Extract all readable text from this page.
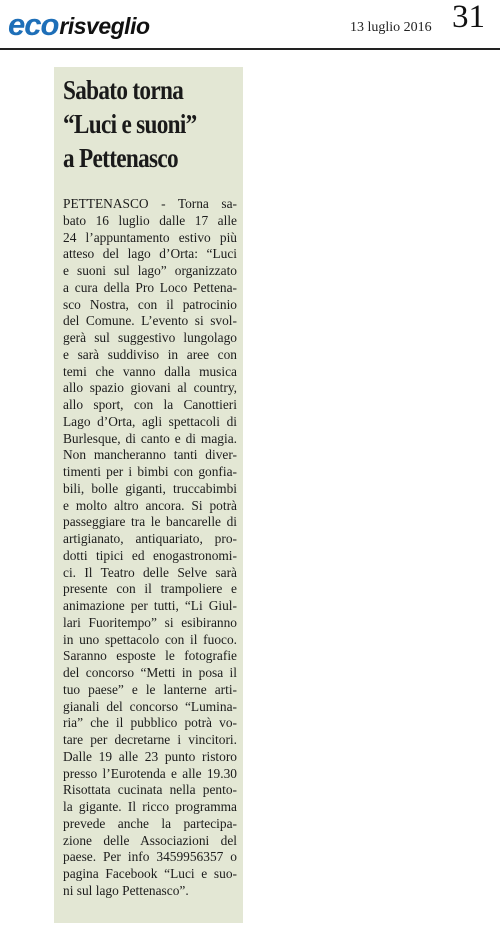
eco risveglio	13 luglio 2016 31
Sabato torna
“Luci e suoni”
a Pettenasco
PETTENASCO - Torna sa-
bato 16 luglio dalle 17 alle
24 l’appuntamento estivo più
atteso del lago d’Orta: “Luci
e suoni sul lago” organizzato
a cura della Pro Loco Pettena-
sco Nostra, con il patrocinio
del Comune. L’evento si svol-
gerà sul suggestivo lungolago
e sarà suddiviso in aree con
temi che vanno dalla musica
allo spazio giovani al country,
allo sport, con la Canottieri
Lago d’Orta, agli spettacoli di
Burlesque, di canto e di magia.
Non mancheranno tanti diver-
timenti per i bimbi con gonfia-
bili, bolle giganti, truccabimbi
e molto altro ancora. Si potrà
passeggiare tra le bancarelle di
artigianato, antiquariato, pro-
dotti tipici ed enogastronomi-
ci. Il Teatro delle Selve sarà
presente con il trampoliere e
animazione per tutti, “Li Giul-
lari Fuoritempo” si esibiranno
in uno spettacolo con il fuoco.
Saranno esposte le fotografie
del concorso “Metti in posa il
tuo paese” e le lanterne arti-
gianali del concorso “Lumina-
ria” che il pubblico potrà vo-
tare per decretarne i vincitori.
Dalle 19 alle 23 punto ristoro
presso l’Eurotenda e alle 19.30
Risottata cucinata nella pento-
la gigante. Il ricco programma
prevede anche la partecipa-
zione delle Associazioni del
paese. Per info 3459956357 o
pagina Facebook “Luci e suo-
ni sul lago Pettenasco”.
